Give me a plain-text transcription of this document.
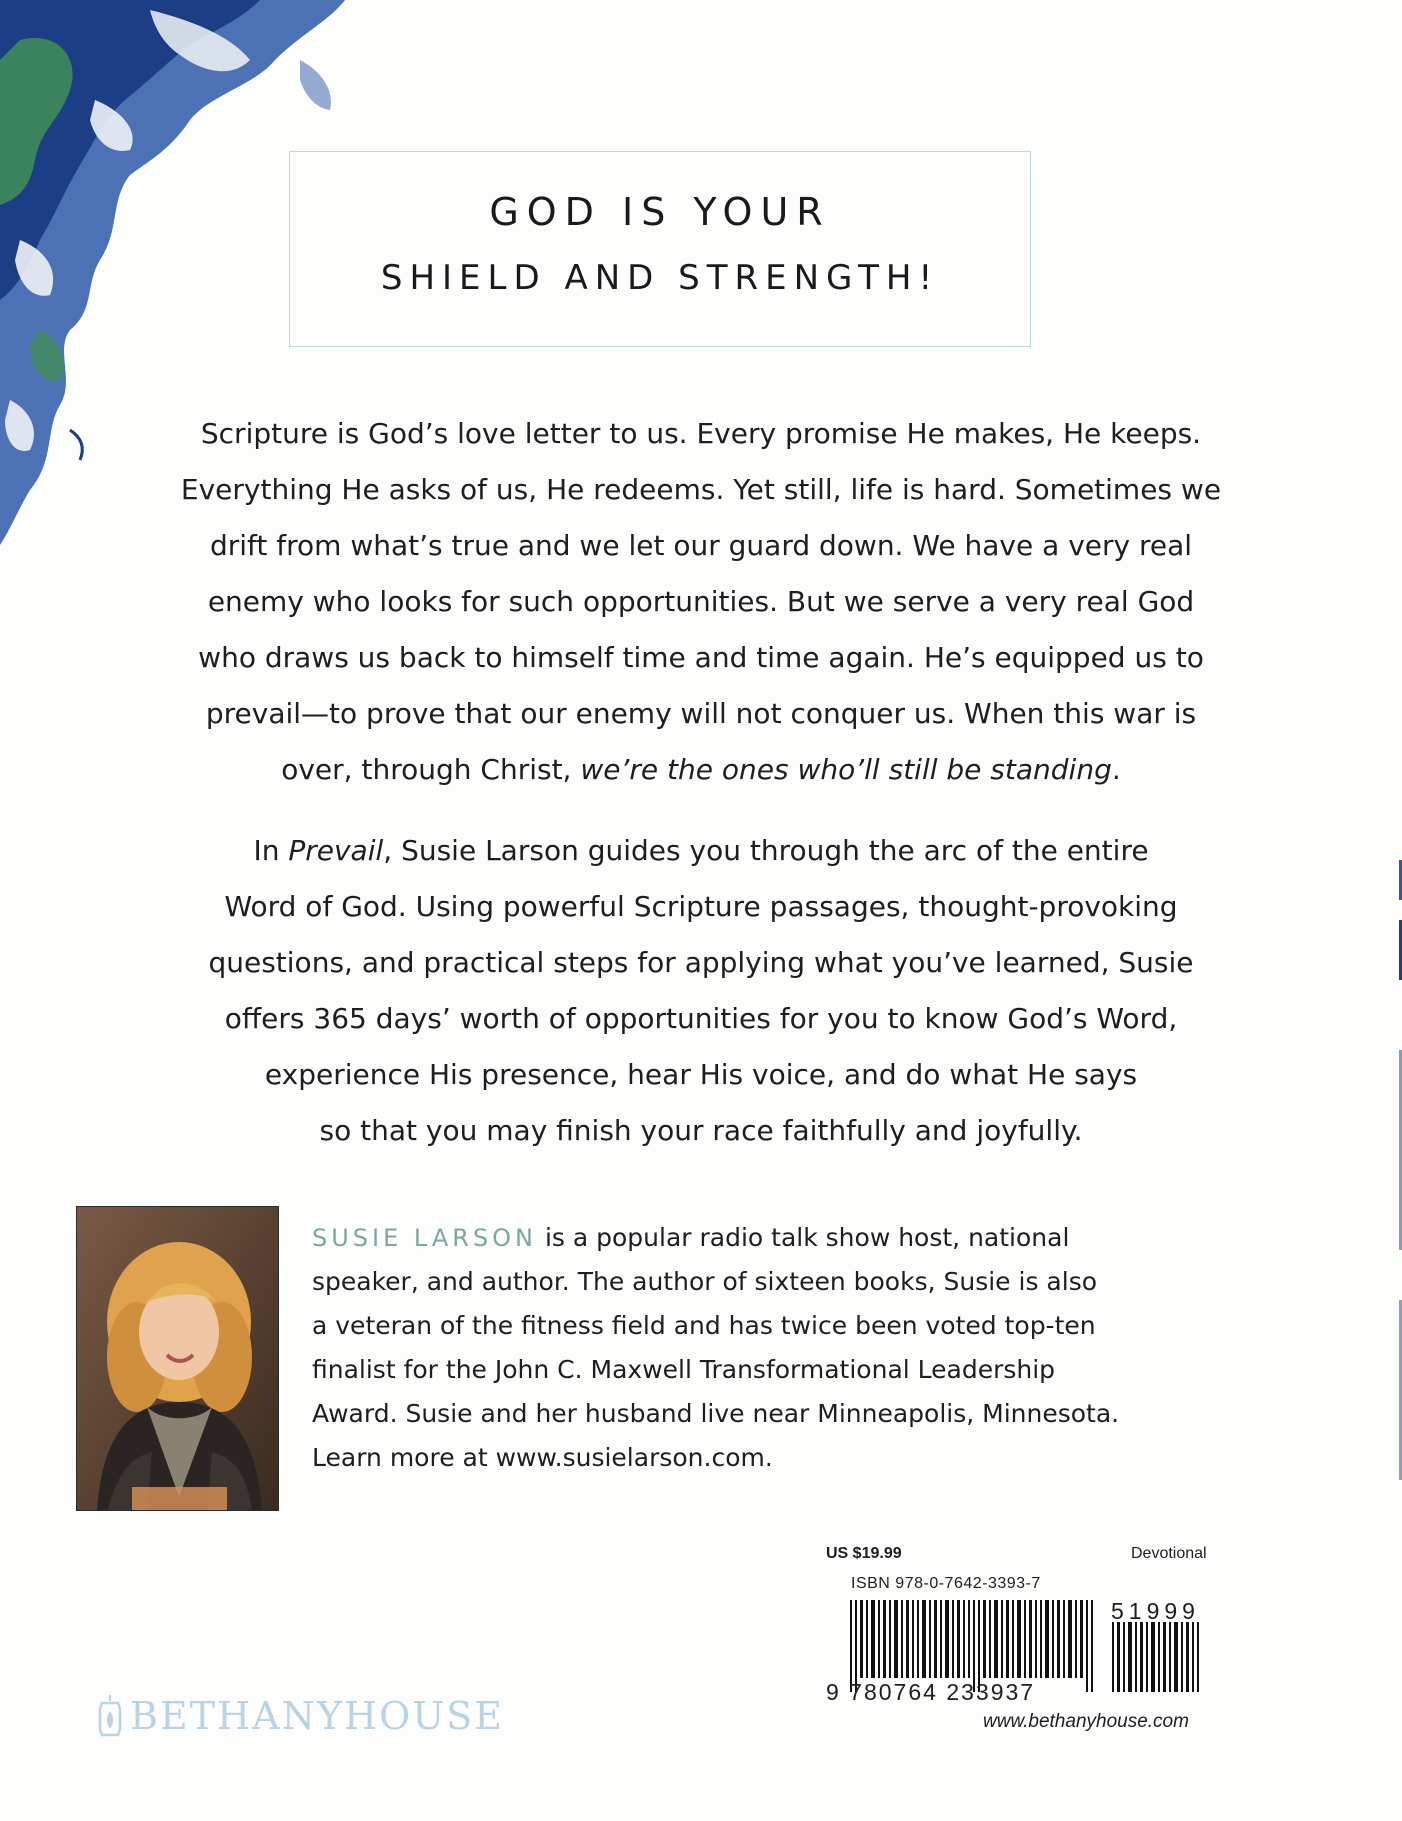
GOD IS YOUR
SHIELD AND STRENGTH!

Scripture is God’s love letter to us. Every promise He makes, He keeps.
Everything He asks of us, He redeems. Yet still, life is hard. Sometimes we
drift from what’s true and we let our guard down. We have a very real
enemy who looks for such opportunities. But we serve a very real God
who draws us back to himself time and time again. He’s equipped us to
prevail—to prove that our enemy will not conquer us. When this war is
over, through Christ, we’re the ones who’ll still be standing.

In Prevail, Susie Larson guides you through the arc of the entire
Word of God. Using powerful Scripture passages, thought-provoking
questions, and practical steps for applying what you’ve learned, Susie
offers 365 days’ worth of opportunities for you to know God’s Word,
experience His presence, hear His voice, and do what He says
so that you may finish your race faithfully and joyfully.

SUSIE LARSON is a popular radio talk show host, national
speaker, and author. The author of sixteen books, Susie is also
a veteran of the fitness field and has twice been voted top-ten
finalist for the John C. Maxwell Transformational Leadership
Award. Susie and her husband live near Minneapolis, Minnesota.
Learn more at www.susielarson.com.

US $19.99	Devotional
ISBN 978-0-7642-3393-7
9 780764 233937
51999
www.bethanyhouse.com
BETHANYHOUSE
